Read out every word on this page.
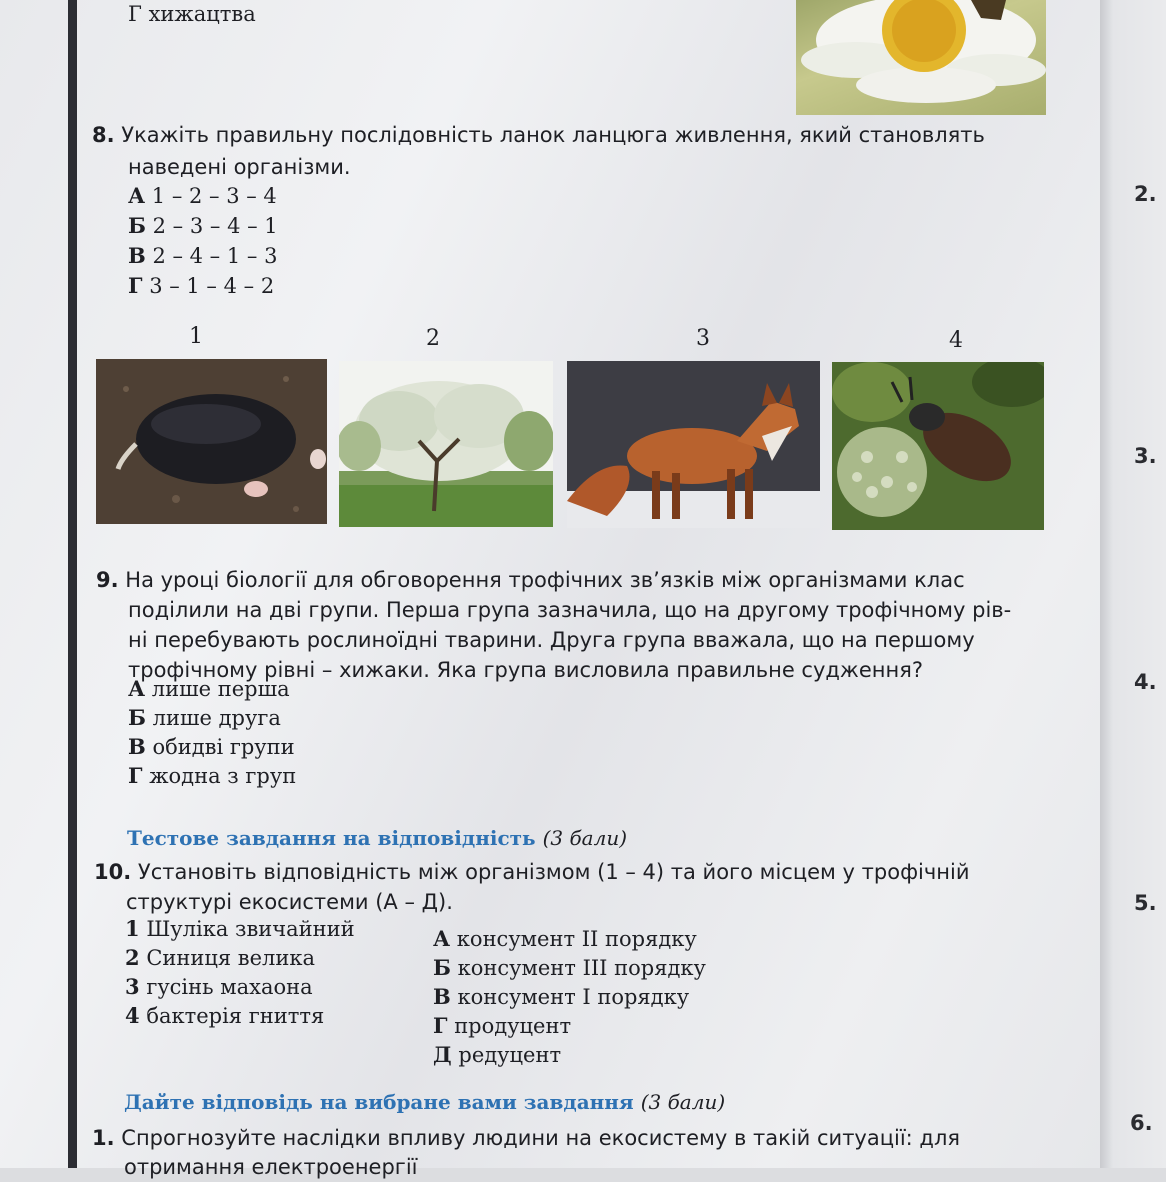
Г хижацтва
8. Укажіть правильну послідовність ланок ланцюга живлення, який становлять
наведені організми.
А 1 – 2 – 3 – 4
Б 2 – 3 – 4 – 1
В 2 – 4 – 1 – 3
Г 3 – 1 – 4 – 2
1	2	3	4
9. На уроці біології для обговорення трофічних зв’язків між організмами клас
поділили на дві групи. Перша група зазначила, що на другому трофічному рів-
ні перебувають рослиноїдні тварини. Друга група вважала, що на першому
трофічному рівні – хижаки. Яка група висловила правильне судження?
А лише перша
Б лише друга
В обидві групи
Г жодна з груп
Тестове завдання на відповідність (3 бали)
10. Установіть відповідність між організмом (1 – 4) та його місцем у трофічній
структурі екосистеми (А – Д).
1 Шуліка звичайний
2 Синиця велика
3 гусінь махаона
4 бактерія гниття
А консумент ІІ порядку
Б консумент ІІІ порядку
В консумент І порядку
Г продуцент
Д редуцент
Дайте відповідь на вибране вами завдання (3 бали)
1. Спрогнозуйте наслідки впливу людини на екосистему в такій ситуації: для
отримання електроенергії
2.
3.
4.
5.
6.
